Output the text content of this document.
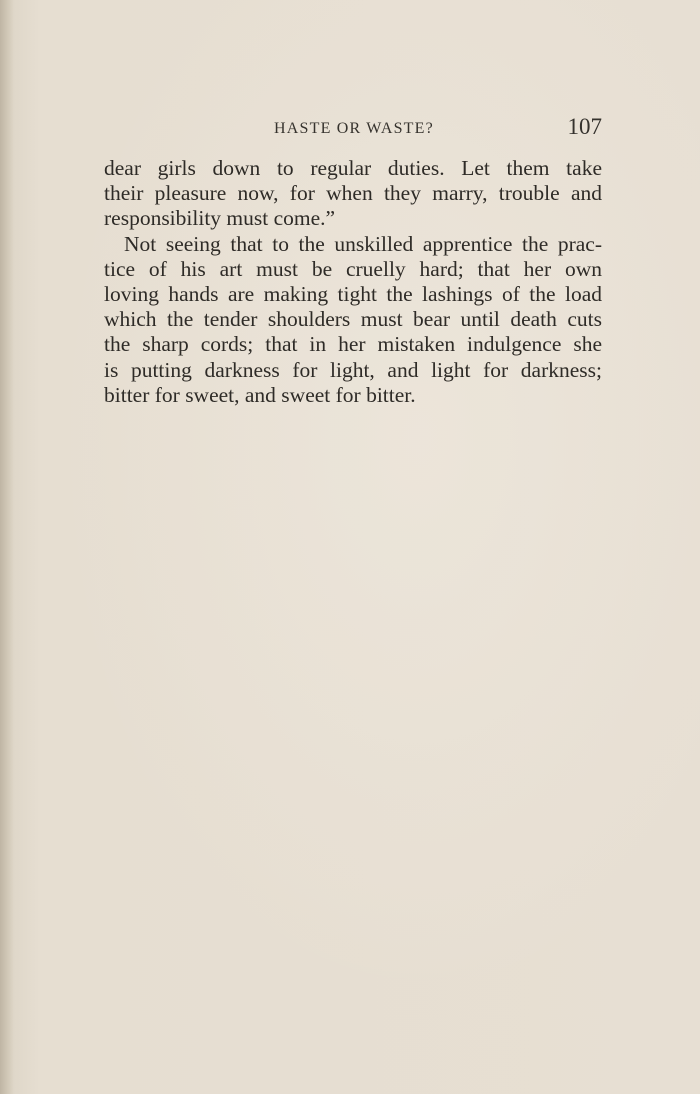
HASTE OR WASTE?	107
dear girls down to regular duties. Let them take
their pleasure now, for when they marry, trouble and
responsibility must come.”
Not seeing that to the unskilled apprentice the prac-
tice of his art must be cruelly hard; that her own
loving hands are making tight the lashings of the load
which the tender shoulders must bear until death cuts
the sharp cords; that in her mistaken indulgence she
is putting darkness for light, and light for darkness;
bitter for sweet, and sweet for bitter.
